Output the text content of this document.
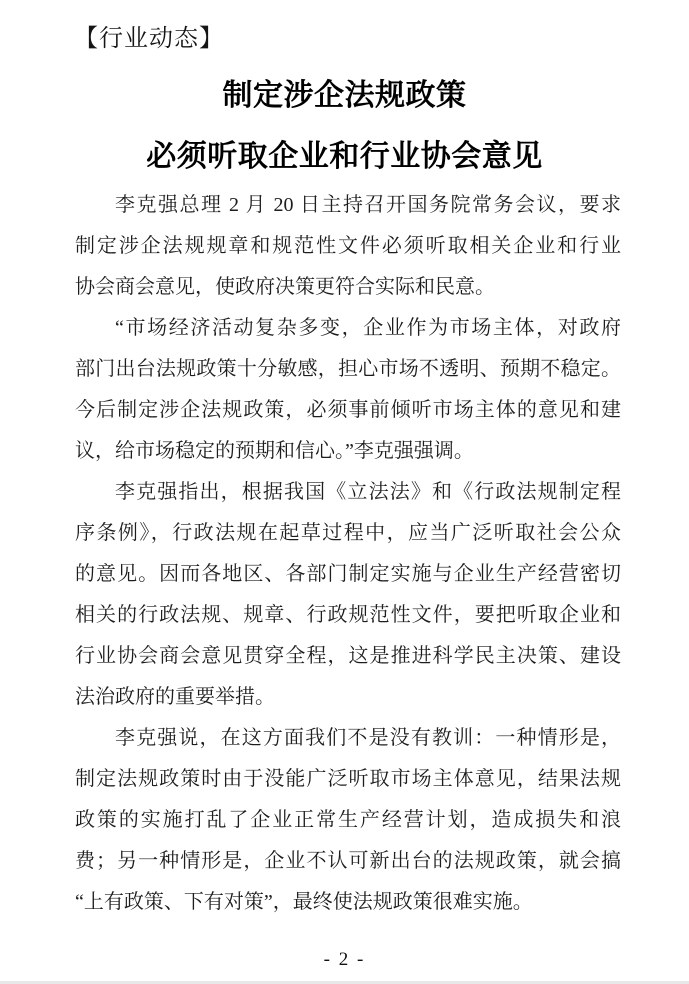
【行业动态】
制定涉企法规政策
必须听取企业和行业协会意见
李克强总理 2 月 20 日主持召开国务院常务会议，要求
制定涉企法规规章和规范性文件必须听取相关企业和行业
协会商会意见，使政府决策更符合实际和民意。
“市场经济活动复杂多变，企业作为市场主体，对政府
部门出台法规政策十分敏感，担心市场不透明、预期不稳定。
今后制定涉企法规政策，必须事前倾听市场主体的意见和建
议，给市场稳定的预期和信心。”李克强强调。
李克强指出，根据我国《立法法》和《行政法规制定程
序条例》，行政法规在起草过程中，应当广泛听取社会公众
的意见。因而各地区、各部门制定实施与企业生产经营密切
相关的行政法规、规章、行政规范性文件，要把听取企业和
行业协会商会意见贯穿全程，这是推进科学民主决策、建设
法治政府的重要举措。
李克强说，在这方面我们不是没有教训：一种情形是，
制定法规政策时由于没能广泛听取市场主体意见，结果法规
政策的实施打乱了企业正常生产经营计划，造成损失和浪
费；另一种情形是，企业不认可新出台的法规政策，就会搞
“上有政策、下有对策”，最终使法规政策很难实施。
- 2 -
